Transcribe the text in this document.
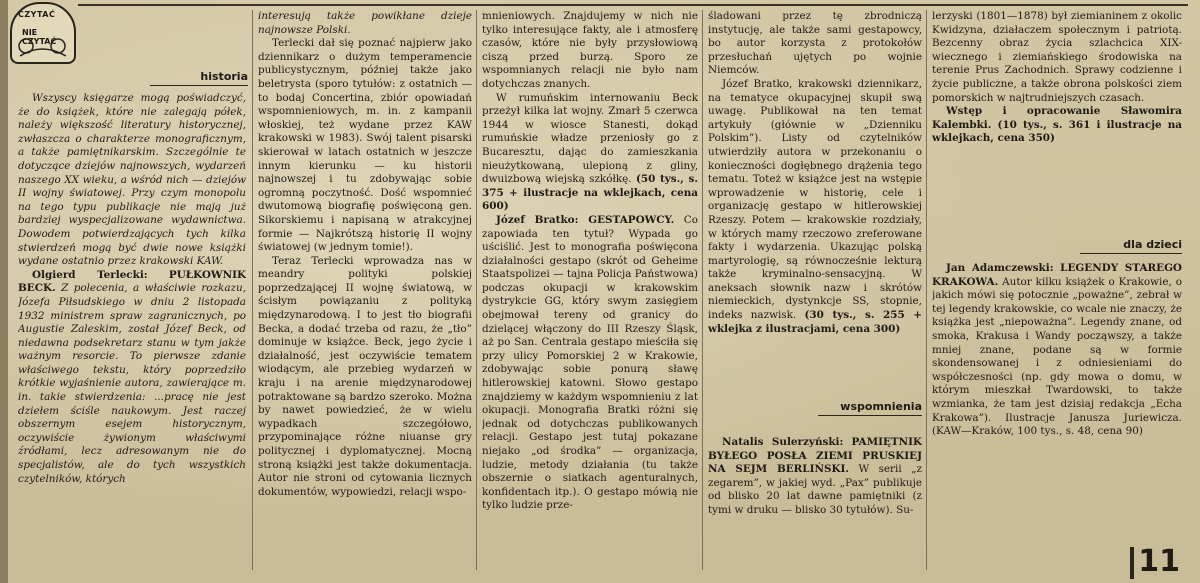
CZYTAĆ
NIE CZYTAĆ
historia

Wszyscy księgarze mogą poświadczyć, że do książek, które nie zalegają półek, należy większość literatury historycznej, zwłaszcza o charakterze monograficznym, a także pamiętnikarskim. Szczególnie te dotyczące dziejów najnowszych, wydarzeń naszego XX wieku, a wśród nich — dziejów II wojny światowej. Przy czym monopolu na tego typu publikacje nie mają już bardziej wyspecjalizowane wydawnictwa. Dowodem potwierdzających tych kilka stwierdzeń mogą być dwie nowe książki wydane ostatnio przez krakowski KAW.

Olgierd Terlecki: PUŁKOWNIK BECK. Z polecenia, a właściwie rozkazu, Józefa Piłsudskiego w dniu 2 listopada 1932 ministrem spraw zagranicznych, po Augustie Zaleskim, został Józef Beck, od niedawna podsekretarz stanu w tym jakże ważnym resorcie. To pierwsze zdanie właściwego tekstu, który poprzedziło krótkie wyjaśnienie autora, zawierające m. in. takie stwierdzenia: ...pracę nie jest dziełem ściśle naukowym. Jest raczej obszernym esejem historycznym, oczywiście żywionym właściwymi źródłami, lecz adresowanym nie do specjalistów, ale do tych wszystkich czytelników, których

interesują także powikłane dzieje najnowsze Polski.

Terlecki dał się poznać najpierw jako dziennikarz o dużym temperamencie publicystycznym, później także jako beletrysta (sporo tytułów: z ostatnich — to bodaj Concertina, zbiór opowiadań wspomnieniowych, m. in. z kampanii włoskiej, też wydane przez KAW krakowski w 1983). Swój talent pisarski skierował w latach ostatnich w jeszcze innym kierunku — ku historii najnowszej i tu zdobywając sobie ogromną poczytność. Dość wspomnieć dwutomową biografię poświęconą gen. Sikorskiemu i napisaną w atrakcyjnej formie — Najkrótszą historię II wojny światowej (w jednym tomie!).

Teraz Terlecki wprowadza nas w meandry polityki polskiej poprzedzającej II wojnę światową, w ścisłym powiązaniu z polityką międzynarodową. I to jest tło biografii Becka, a dodać trzeba od razu, że „tło” dominuje w książce. Beck, jego życie i działalność, jest oczywiście tematem wiodącym, ale przebieg wydarzeń w kraju i na arenie międzynarodowej potraktowane są bardzo szeroko. Można by nawet powiedzieć, że w wielu wypadkach szczegółowo, przypominające różne niuanse gry politycznej i dyplomatycznej. Mocną stroną książki jest także dokumentacja. Autor nie stroni od cytowania licznych dokumentów, wypowiedzi, relacji wspo-

mnieniowych. Znajdujemy w nich nie tylko interesujące fakty, ale i atmosferę czasów, które nie były przysłowiową ciszą przed burzą. Sporo ze wspomnianych relacji nie było nam dotychczas znanych.

W rumuńskim internowaniu Beck przeżył kilka lat wojny. Zmarł 5 czerwca 1944 w wiosce Stanesti, dokąd rumuńskie władze przeniosły go z Bucaresztu, dając do zamieszkania nieużytkowaną, ulepioną z gliny, dwuizbową wiejską szkółkę. (50 tys., s. 375 + ilustracje na wklejkach, cena 600)

Józef Bratko: GESTAPOWCY. Co zapowiada ten tytuł? Wypada go uściślić. Jest to monografia poświęcona działalności gestapo (skrót od Geheime Staatspolizei — tajna Policja Państwowa) podczas okupacji w krakowskim dystrykcie GG, który swym zasięgiem obejmował tereny od granicy do dzielącej włączony do III Rzeszy Śląsk, aż po San. Centrala gestapo mieściła się przy ulicy Pomorskiej 2 w Krakowie, zdobywając sobie ponurą sławę hitlerowskiej katowni. Słowo gestapo znajdziemy w każdym wspomnieniu z lat okupacji. Monografia Bratki różni się jednak od dotychczas publikowanych relacji. Gestapo jest tutaj pokazane niejako „od środka” — organizacja, ludzie, metody działania (tu także obszernie o siatkach agenturalnych, konfidentach itp.). O gestapo mówią nie tylko ludzie prze-

śladowani przez tę zbrodniczą instytucję, ale także sami gestapowcy, bo autor korzysta z protokołów przesłuchań ujętych po wojnie Niemców.

Józef Bratko, krakowski dziennikarz, na tematyce okupacyjnej skupił swą uwagę. Publikował na ten temat artykuły (głównie w „Dzienniku Polskim”). Listy od czytelników utwierdziły autora w przekonaniu o konieczności dogłębnego drążenia tego tematu. Toteż w książce jest na wstępie wprowadzenie w historię, cele i organizację gestapo w hitlerowskiej Rzeszy. Potem — krakowskie rozdziały, w których mamy rzeczowo zreferowane fakty i wydarzenia. Ukazując polską martyrologię, są równocześnie lekturą także kryminalno-sensacyjną. W aneksach słownik nazw i skrótów niemieckich, dystynkcje SS, stopnie, indeks nazwisk. (30 tys., s. 255 + wklejka z ilustracjami, cena 300)

wspomnienia

Natalis Sulerzyński: PAMIĘTNIK BYŁEGO POSŁA ZIEMI PRUSKIEJ NA SEJM BERLIŃSKI. W serii „z zegarem”, w jakiej wyd. „Pax” publikuje od blisko 20 lat dawne pamiętniki (z tymi w druku — blisko 30 tytułów). Su-

lerzyski (1801—1878) był ziemianinem z okolic Kwidzyna, działaczem społecznym i patriotą. Bezcenny obraz życia szlachcica XIX-wiecznego i ziemiańskiego środowiska na terenie Prus Zachodnich. Sprawy codzienne i życie publiczne, a także obrona polskości ziem pomorskich w najtrudniejszych czasach.

Wstęp i opracowanie Sławomira Kalembki. (10 tys., s. 361 i ilustracje na wklejkach, cena 350)

dla dzieci

Jan Adamczewski: LEGENDY STAREGO KRAKOWA. Autor kilku książek o Krakowie, o jakich mówi się potocznie „poważne”, zebrał w tej legendy krakowskie, co wcale nie znaczy, że książka jest „niepoważna”. Legendy znane, od smoka, Krakusa i Wandy począwszy, a także mniej znane, podane są w formie skondensowanej i z odniesieniami do współczesności (np. gdy mowa o domu, w którym mieszkał Twardowski, to także wzmianka, że tam jest dzisiaj redakcja „Echa Krakowa”). Ilustracje Janusza Juriewicza. (KAW—Kraków, 100 tys., s. 48, cena 90)

11
